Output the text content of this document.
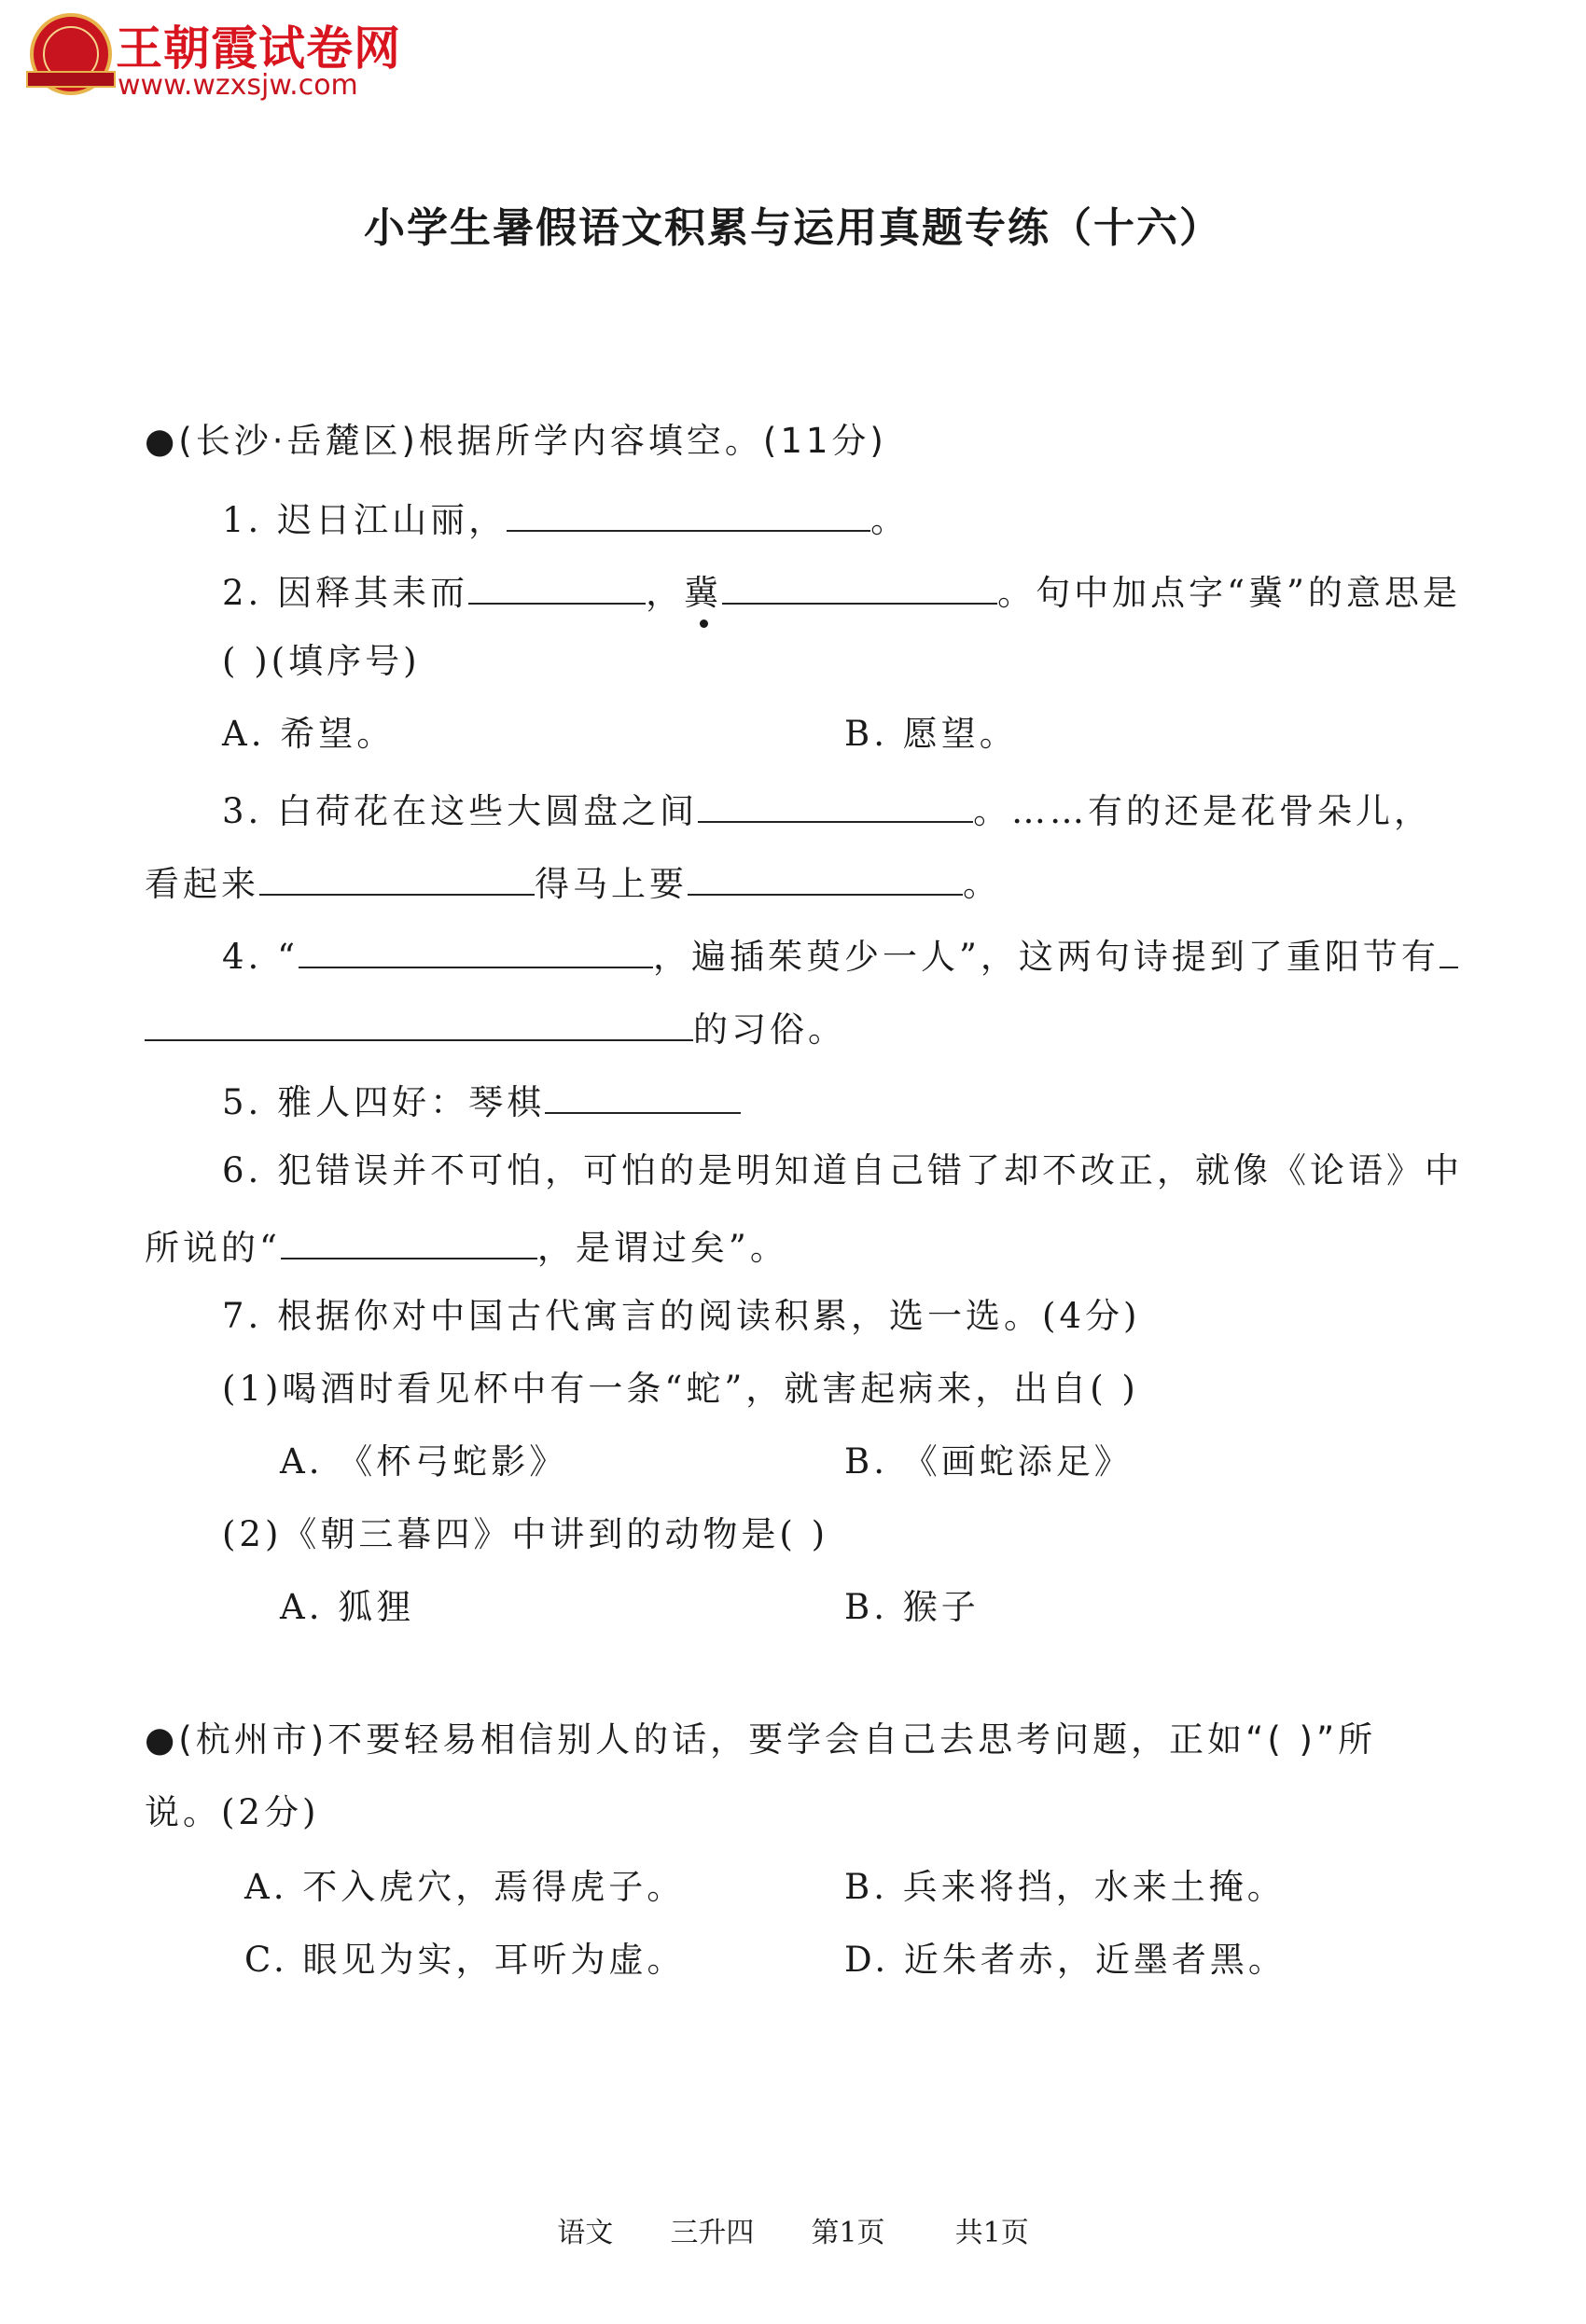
王朝霞试卷网
www.wzxsjw.com
小学生暑假语文积累与运用真题专练（十六）
●(长沙·岳麓区)根据所学内容填空。(11分)
1. 迟日江山丽，	。
2. 因释其耒而	，冀	。句中加点字“冀”的意思是
( )(填序号)
A. 希望。	B. 愿望。
3. 白荷花在这些大圆盘之间	。……有的还是花骨朵儿，
看起来	得马上要	。
4. “	，遍插茱萸少一人”，这两句诗提到了重阳节有
的习俗。
5. 雅人四好：琴棋
6. 犯错误并不可怕，可怕的是明知道自己错了却不改正，就像《论语》中
所说的“	，是谓过矣”。
7. 根据你对中国古代寓言的阅读积累，选一选。(4分)
(1)喝酒时看见杯中有一条“蛇”，就害起病来，出自( )
A. 《杯弓蛇影》	B. 《画蛇添足》
(2)《朝三暮四》中讲到的动物是( )
A. 狐狸	B. 猴子
●(杭州市)不要轻易相信别人的话，要学会自己去思考问题，正如“( )”所
说。(2分)
A. 不入虎穴，焉得虎子。	B. 兵来将挡，水来土掩。
C. 眼见为实，耳听为虚。	D. 近朱者赤，近墨者黑。
语文 三升四 第1页	共1页
